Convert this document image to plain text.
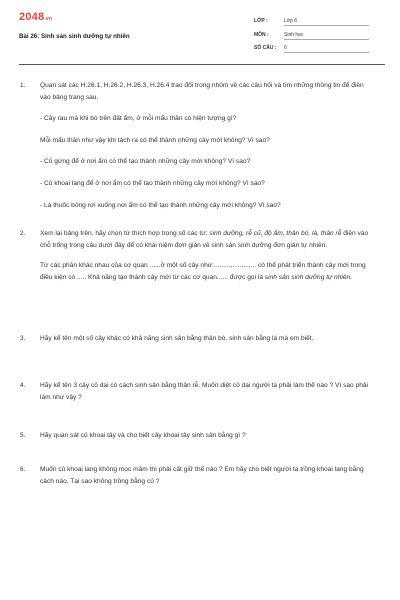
2048.vn
Bài 26: Sinh sản sinh dưỡng tự nhiên
LỚP :	Lớp 6
MÔN :	Sinh học
SỐ CÂU : 6
1.	Quan sát các H.26.1, H.26.2, H.26.3, H.26.4 trao đổi trong nhóm về các câu hỏi và tìm những thông tin để điền vào bảng trang sau.

- Cây rau má khi bò trên đất ẩm, ở mỗi mấu thân có hiện tượng gì?

Mỗi mấu thân như vậy khi tách ra có thể thành những cây mới không? Vì sao?

- Củ gừng để ở nơi ẩm có thể tạo thành những cây mới không? Vì sao?

- Củ khoai lang để ở nơi ẩm có thể tạo thành những cây mới không? Vì sao?

- Lá thuốc bỏng rơi xuống nơi ẩm có thể tạo thành những cây mới không? Vì sao?

2.	Xem lại bảng trên, hãy chọn từ thích hợp trong số các từ: sinh dưỡng, rễ củ, độ ẩm, thân bò, lá, thân rễ điền vào chỗ trống trong câu dưới đây để có khái niệm đơn giản về sinh sản sinh dưỡng đơn giản tự nhiên.

Từ các phần khác nhau của cơ quan ......ở một số cây như:.........,.........,... có thể phát triển thành cây mới trong điều kiện có ..... Khả năng tạo thành cây mới từ các cơ quan...... được gọi là sinh sản sinh dưỡng tự nhiên.

3.	Hãy kể tên một số cây khác có khả năng sinh sản bằng thân bò, sinh sản bằng lá mà em biết.

4.	Hãy kể tên 3 cây cỏ dại có cách sinh sản bằng thân rễ. Muốn diệt cỏ dại người ta phải làm thế nào ? Vì sao phải làm như vậy ?

5.	Hãy quan sát củ khoai tây và cho biết cây khoai tây sinh sản bằng gì ?

6.	Muốn củ khoai lang không mọc mầm thì phải cất giữ thế nào ? Em hãy cho biết người ta trồng khoai lang bằng cách nào. Tại sao không trồng bằng củ ?
